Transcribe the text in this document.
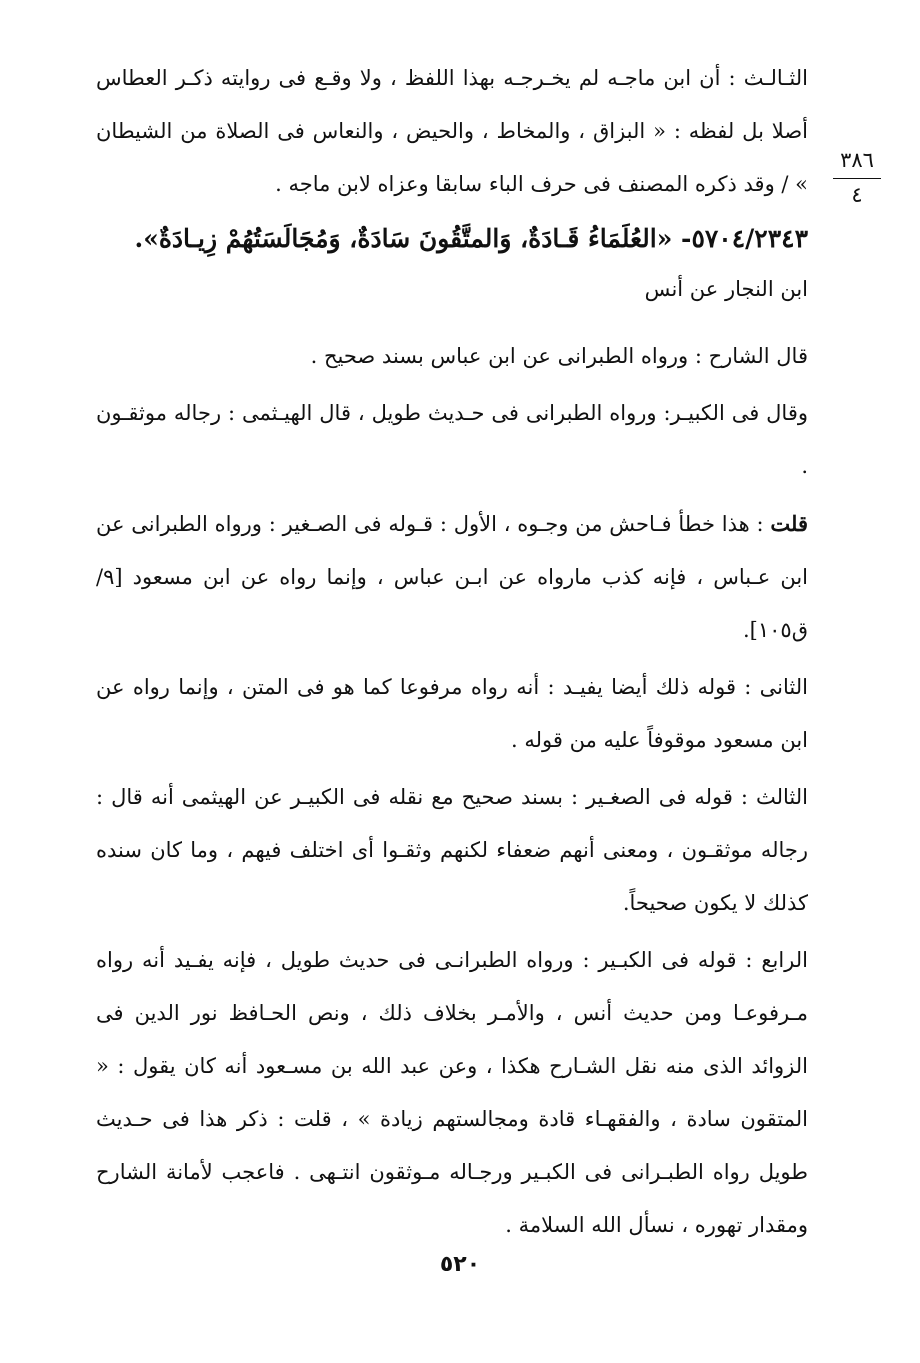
٣٨٦
٤

الثـالـث : أن ابن ماجـه لم يخـرجـه بهذا اللفظ ، ولا وقـع فى روايته ذكـر العطاس أصلا بل لفظه : « البزاق ، والمخاط ، والحيض ، والنعاس فى الصلاة من الشيطان » / وقد ذكره المصنف فى حرف الباء سابقا وعزاه لابن ماجه .

٥٧٠٤/٢٣٤٣- «العُلَمَاءُ قَـادَةٌ، وَالمتَّقُونَ سَادَةٌ، وَمُجَالَسَتُهُمْ زِيـادَةٌ».

ابن النجار عن أنس

قال الشارح : ورواه الطبرانى عن ابن عباس بسند صحيح .

وقال فى الكبيـر: ورواه الطبرانى فى حـديث طويل ، قال الهيـثمى : رجاله موثقـون .

قلت : هذا خطأ فـاحش من وجـوه ، الأول : قـوله فى الصـغير : ورواه الطبرانى عن ابن عـباس ، فإنه كذب مارواه عن ابـن عباس ، وإنما رواه عن ابن مسعود [٩/ق١٠٥].

الثانى : قوله ذلك أيضا يفيـد : أنه رواه مرفوعا كما هو فى المتن ، وإنما رواه عن ابن مسعود موقوفاً عليه من قوله .

الثالث : قوله فى الصغـير : بسند صحيح مع نقله فى الكبيـر عن الهيثمى أنه قال : رجاله موثقـون ، ومعنى أنهم ضعفاء لكنهم وثقـوا أى اختلف فيهم ، وما كان سنده كذلك لا يكون صحيحاً.

الرابع : قوله فى الكبـير : ورواه الطبرانـى فى حديث طويل ، فإنه يفـيد أنه رواه مـرفوعـا ومن حديث أنس ، والأمـر بخلاف ذلك ، ونص الحـافظ نور الدين فى الزوائد الذى منه نقل الشـارح هكذا ، وعن عبد الله بن مسـعود أنه كان يقول : « المتقون سادة ، والفقهـاء قادة ومجالستهم زيادة » ، قلت : ذكر هذا فى حـديث طويل رواه الطبـرانى فى الكبـير ورجـاله مـوثقون انتـهى . فاعجب لأمانة الشارح ومقدار تهوره ، نسأل الله السلامة .

٥٢٠
